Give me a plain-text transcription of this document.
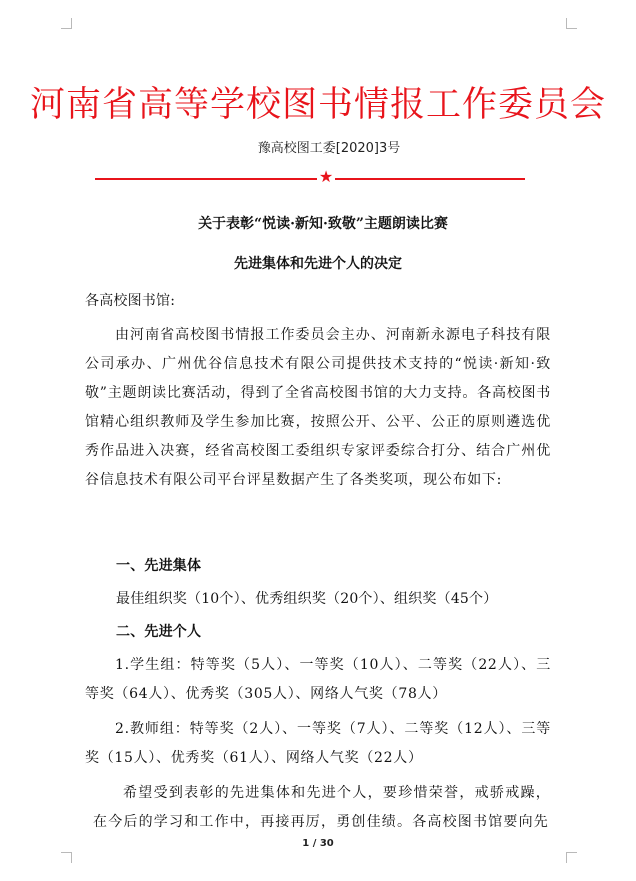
河南省高等学校图书情报工作委员会
豫高校图工委[2020]3号
★
关于表彰“悦读·新知·致敬”主题朗读比赛
先进集体和先进个人的决定
各高校图书馆:
由河南省高校图书情报工作委员会主办、河南新永源电子科技有限公司承办、广州优谷信息技术有限公司提供技术支持的“悦读·新知·致敬”主题朗读比赛活动，得到了全省高校图书馆的大力支持。各高校图书馆精心组织教师及学生参加比赛，按照公开、公平、公正的原则遴选优秀作品进入决赛，经省高校图工委组织专家评委综合打分、结合广州优谷信息技术有限公司平台评星数据产生了各类奖项，现公布如下:
一、先进集体
最佳组织奖（10个）、优秀组织奖（20个）、组织奖（45个）
二、先进个人
1.学生组：特等奖（5人）、一等奖（10人）、二等奖（22人）、三等奖（64人）、优秀奖（305人）、网络人气奖（78人）
2.教师组：特等奖（2人）、一等奖（7人）、二等奖（12人）、三等奖（15人）、优秀奖（61人）、网络人气奖（22人）
希望受到表彰的先进集体和先进个人，要珍惜荣誉，戒骄戒躁，在今后的学习和工作中，再接再厉，勇创佳绩。各高校图书馆要向先
1 / 30
